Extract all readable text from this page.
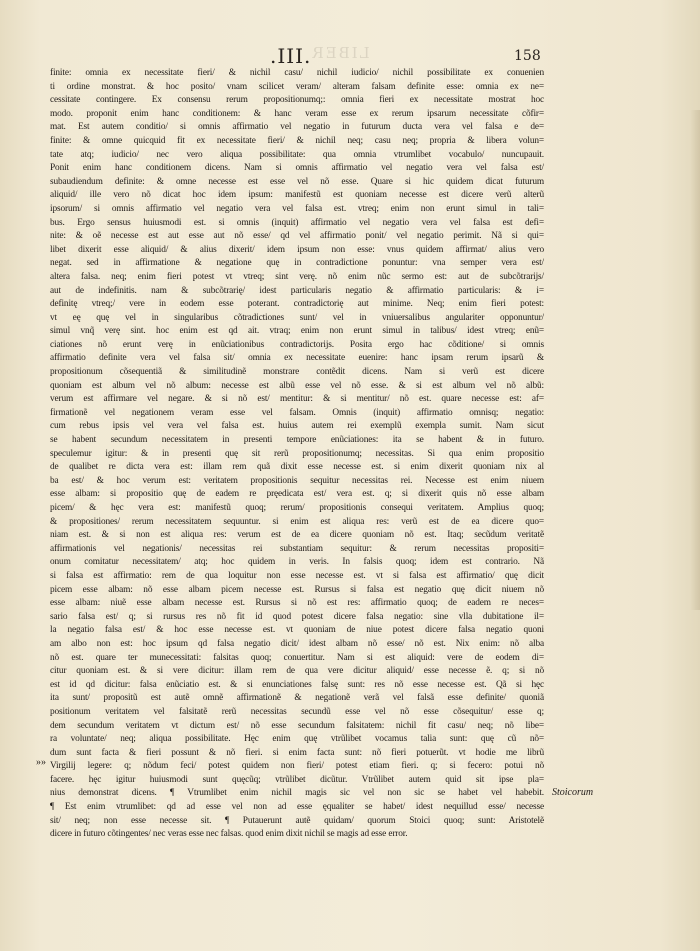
LIBER
.III.	158
»»
finite: omnia ex necessitate fieri/ & nichil casu/ nichil iudicio/ nichil possibilitate ex conuenien
ti ordine monstrat. & hoc posito/ vnam scilicet veram/ alteram falsam definite esse: omnia ex ne=
cessitate contingere. Ex consensu rerum propositionumq;: omnia fieri ex necessitate mostrat hoc
modo. proponit enim hanc conditionem: & hanc veram esse ex rerum ipsarum necessitate cõfir=
mat. Est autem conditio/ si omnis affirmatio vel negatio in futurum ducta vera vel falsa e de=
finite: & omne quicquid fit ex necessitate fieri/ & nichil neq; casu neq; propria & libera volun=
tate atq; iudicio/ nec vero aliqua possibilitate: qua omnia vtrumlibet vocabulo/ nuncupauit.
Ponit enim hanc conditionem dicens. Nam si omnis affirmatio vel negatio vera vel falsa est/
subaudiendum definite: & omne necesse est esse vel nõ esse. Quare si hic quidem dicat futurum
aliquid/ ille vero nõ dicat hoc idem ipsum: manifestũ est quoniam necesse est dicere verũ alterũ
ipsorum/ si omnis affirmatio vel negatio vera vel falsa est. vtreq; enim non erunt simul in tali=
bus. Ergo sensus huiusmodi est. si omnis (inquit) affirmatio vel negatio vera vel falsa est defi=
nite: & oẽ necesse est aut esse aut nõ esse/ qd vel affirmatio ponit/ vel negatio perimit. Nã si qui=
libet dixerit esse aliquid/ & alius dixerit/ idem ipsum non esse: vnus quidem affirmat/ alius vero
negat. sed in affirmatione & negatione quę in contradictione ponuntur: vna semper vera est/
altera falsa. neq; enim fieri potest vt vtreq; sint verę. nõ enim nũc sermo est: aut de subcõtrarijs/
aut de indefinitis. nam & subcõtrarię/ idest particularis negatio & affirmatio particularis: & i=
definitę vtreq;/ vere in eodem esse poterant. contradictorię aut minime. Neq; enim fieri potest:
vt eę quę vel in singularibus cõtradictiones sunt/ vel in vniuersalibus angulariter opponuntur/
simul vnq̃ verę sint. hoc enim est qd ait. vtraq; enim non erunt simul in talibus/ idest vtreq; enũ=
ciationes nõ erunt verę in enũciationibus contradictorijs. Posita ergo hac cõditione/ si omnis
affirmatio definite vera vel falsa sit/ omnia ex necessitate euenire: hanc ipsam rerum ipsarũ &
propositionum cõsequentiã & similitudinẽ monstrare contẽdit dicens. Nam si verũ est dicere
quoniam est album vel nõ album: necesse est albũ esse vel nõ esse. & si est album vel nõ albũ:
verum est affirmare vel negare. & si nõ est/ mentitur: & si mentitur/ nõ est. quare necesse est: af=
firmationẽ vel negationem veram esse vel falsam. Omnis (inquit) affirmatio omnisq; negatio:
cum rebus ipsis vel vera vel falsa est. huius autem rei exemplũ exempla sumit. Nam sicut
se habent secundum necessitatem in presenti tempore enũciationes: ita se habent & in futuro.
speculemur igitur: & in presenti quę sit rerũ propositionumq; necessitas. Si qua enim propositio
de qualibet re dicta vera est: illam rem quã dixit esse necesse est. si enim dixerit quoniam nix al
ba est/ & hoc verum est: veritatem propositionis sequitur necessitas rei. Necesse est enim niuem
esse albam: si propositio quę de eadem re pręedicata est/ vera est. q; si dixerit quis nõ esse albam
picem/ & hęc vera est: manifestũ quoq; rerum/ propositionis consequi veritatem. Amplius quoq;
& propositiones/ rerum necessitatem sequuntur. si enim est aliqua res: verũ est de ea dicere quo=
niam est. & si non est aliqua res: verum est de ea dicere quoniam nõ est. Itaq; secũdum veritatẽ
affirmationis vel negationis/ necessitas rei substantiam sequitur: & rerum necessitas propositi=
onum comitatur necessitatem/ atq; hoc quidem in veris. In falsis quoq; idem est contrario. Nã
si falsa est affirmatio: rem de qua loquitur non esse necesse est. vt si falsa est affirmatio/ quę dicit
picem esse albam: nõ esse albam picem necesse est. Rursus si falsa est negatio quę dicit niuem nõ
esse albam: niuẽ esse albam necesse est. Rursus si nõ est res: affirmatio quoq; de eadem re neces=
sario falsa est/ q; si rursus res nõ fit id quod potest dicere falsa negatio: sine vlla dubitatione il=
la negatio falsa est/ & hoc esse necesse est. vt quoniam de niue potest dicere falsa negatio quoni
am albo non est: hoc ipsum qd falsa negatio dicit/ idest albam nõ esse/ nõ est. Nix enim: nõ alba
nõ est. quare ter munecessitati: falsitas quoq; conuertitur. Nam si est aliquid: vere de eodem di=
citur quoniam est. & si vere dicitur: illam rem de qua vere dicitur aliquid/ esse necesse ẽ. q; si nõ
est id qd dicitur: falsa enũciatio est. & si enunciationes falsę sunt: res nõ esse necesse est. Qã si hęc
ita sunt/ propositũ est autẽ omnẽ affirmationẽ & negationẽ verã vel falsã esse definite/ quoniã
positionum veritatem vel falsitatẽ rerũ necessitas secundũ esse vel nõ esse cõsequitur/ esse q;
dem secundum veritatem vt dictum est/ nõ esse secundum falsitatem: nichil fit casu/ neq; nõ libe=
ra voluntate/ neq; aliqua possibilitate. Hęc enim quę vtrũlibet vocamus talia sunt: quę cũ nõ=
dum sunt facta & fieri possunt & nõ fieri. si enim facta sunt: nõ fieri potuerũt. vt hodie me librũ
Virgilij legere: q; nõdum feci/ potest quidem non fieri/ potest etiam fieri. q; si fecero: potui nõ
facere. hęc igitur huiusmodi sunt quęcũq; vtrũlibet dicũtur. Vtrũlibet autem quid sit ipse pla=
nius demonstrat dicens. ¶ Vtrumlibet enim nichil magis sic vel non sic se habet vel habebit.
¶ Est enim vtrumlibet: qd ad esse vel non ad esse ęqualiter se habet/ idest nequillud esse/ necesse
sit/ neq; non esse necesse sit. ¶ Putauerunt autẽ quidam/ quorum Stoici quoq; sunt: Aristotelẽ
dicere in futuro cõtingentes/ nec veras esse nec falsas. quod enim dixit nichil se magis ad esse error.
Stoicorum
